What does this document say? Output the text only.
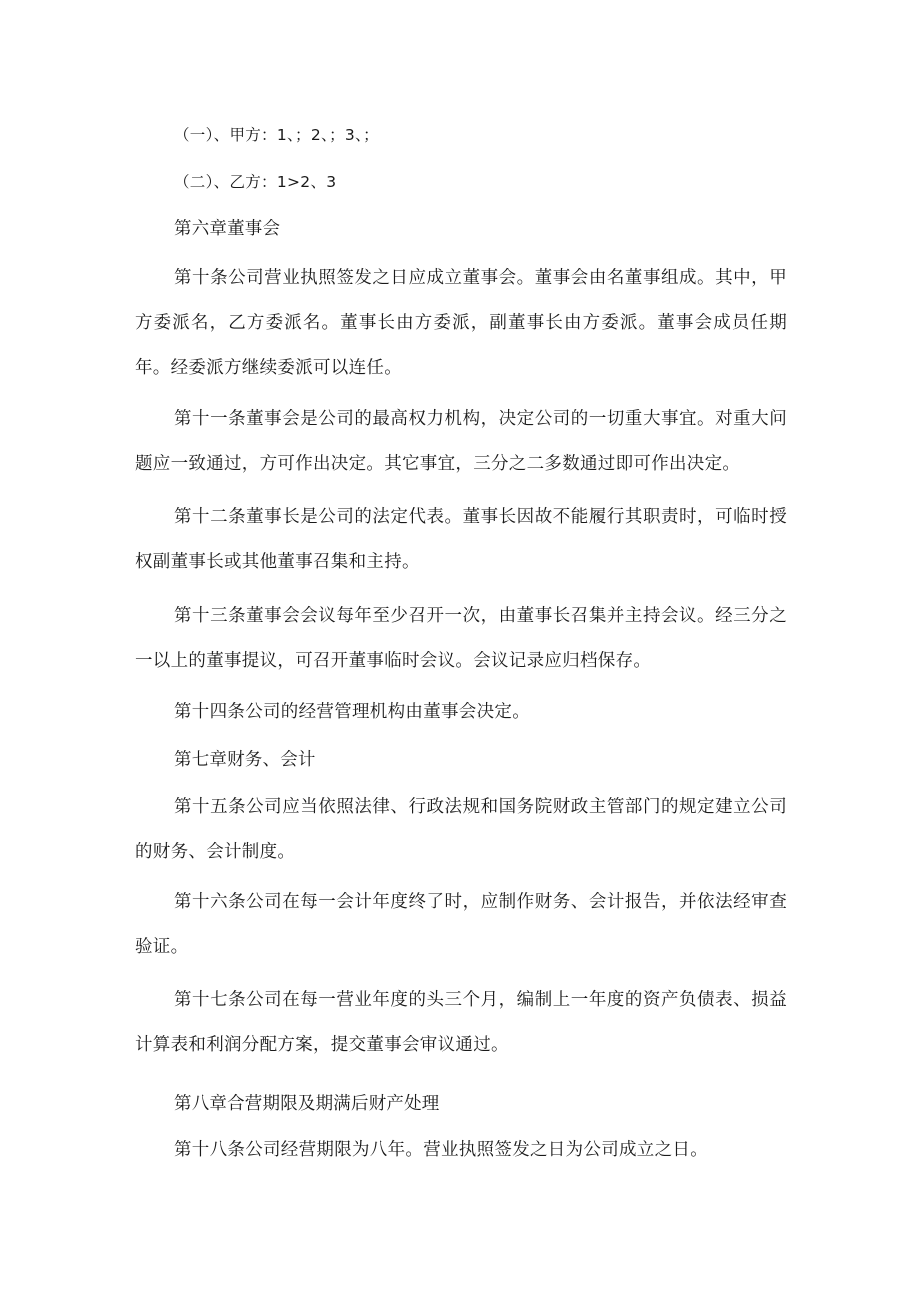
（一）、甲方：1、；2、；3、；

（二）、乙方：1>2、3

第六章董事会

第十条公司营业执照签发之日应成立董事会。董事会由名董事组成。其中，甲方委派名，乙方委派名。董事长由方委派，副董事长由方委派。董事会成员任期年。经委派方继续委派可以连任。

第十一条董事会是公司的最高权力机构，决定公司的一切重大事宜。对重大问题应一致通过，方可作出决定。其它事宜，三分之二多数通过即可作出决定。

第十二条董事长是公司的法定代表。董事长因故不能履行其职责时，可临时授权副董事长或其他董事召集和主持。

第十三条董事会会议每年至少召开一次，由董事长召集并主持会议。经三分之一以上的董事提议，可召开董事临时会议。会议记录应归档保存。

第十四条公司的经营管理机构由董事会决定。

第七章财务、会计

第十五条公司应当依照法律、行政法规和国务院财政主管部门的规定建立公司的财务、会计制度。

第十六条公司在每一会计年度终了时，应制作财务、会计报告，并依法经审查验证。

第十七条公司在每一营业年度的头三个月，编制上一年度的资产负债表、损益计算表和利润分配方案，提交董事会审议通过。

第八章合营期限及期满后财产处理

第十八条公司经营期限为八年。营业执照签发之日为公司成立之日。
